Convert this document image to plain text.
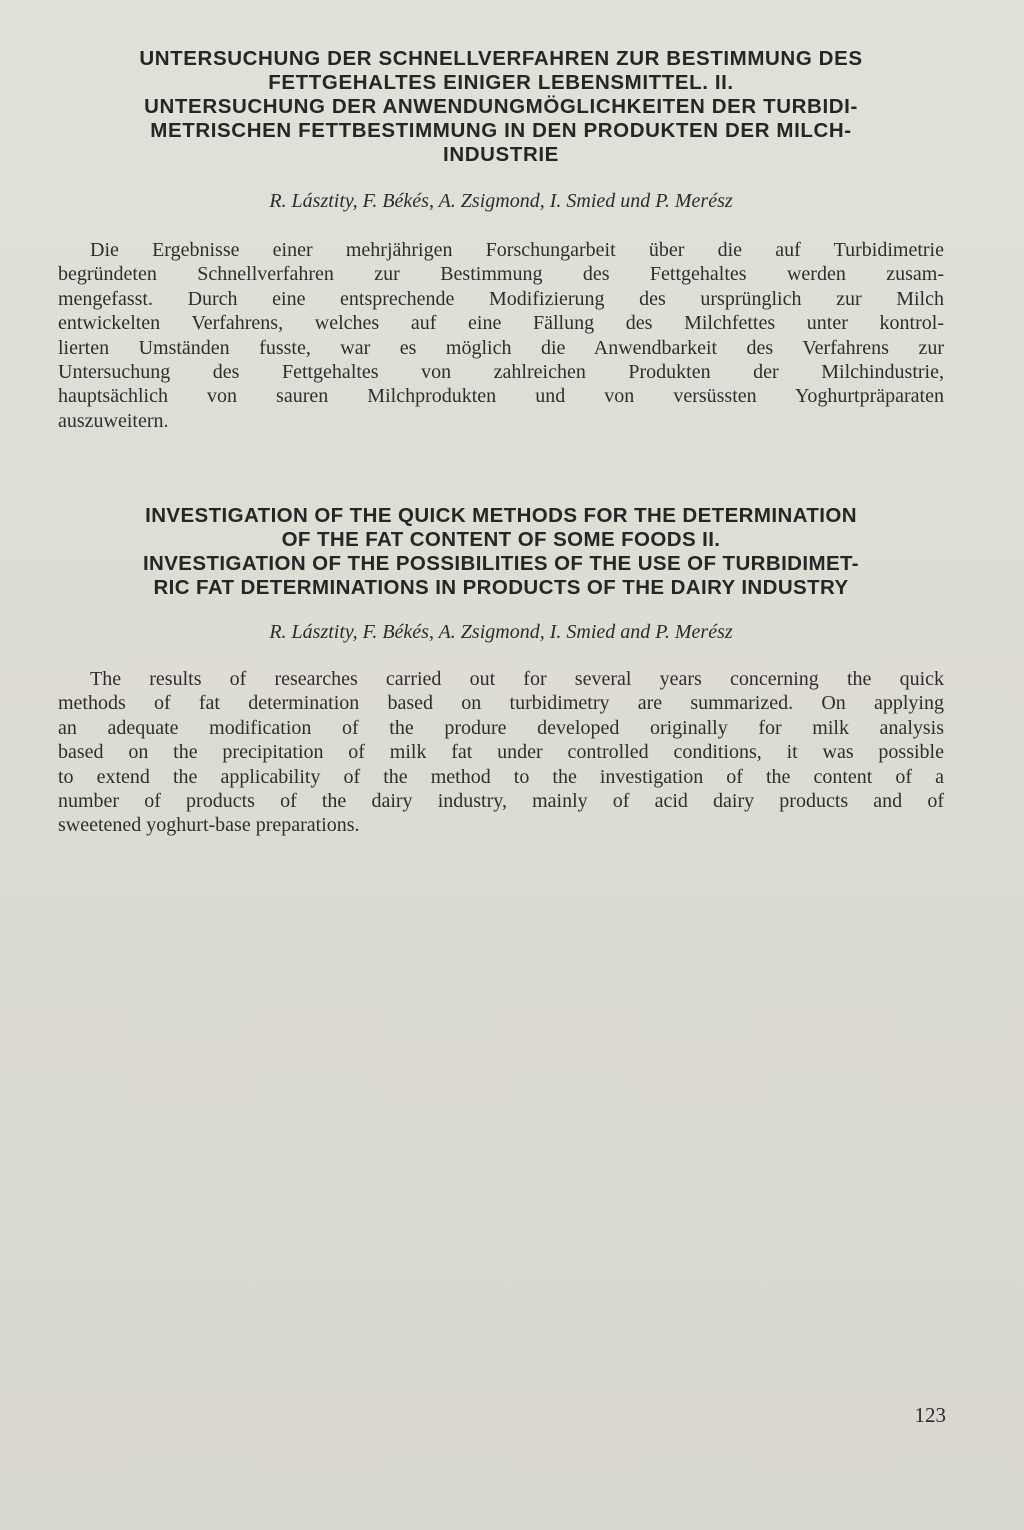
UNTERSUCHUNG DER SCHNELLVERFAHREN ZUR BESTIMMUNG DES
FETTGEHALTES EINIGER LEBENSMITTEL. II.
UNTERSUCHUNG DER ANWENDUNGMÖGLICHKEITEN DER TURBIDI-
METRISCHEN FETTBESTIMMUNG IN DEN PRODUKTEN DER MILCH-
INDUSTRIE

R. Lásztity, F. Békés, A. Zsigmond, I. Smied und P. Merész

Die Ergebnisse einer mehrjährigen Forschungarbeit über die auf Turbidimetrie
begründeten Schnellverfahren zur Bestimmung des Fettgehaltes werden zusam-
mengefasst. Durch eine entsprechende Modifizierung des ursprünglich zur Milch
entwickelten Verfahrens, welches auf eine Fällung des Milchfettes unter kontrol-
lierten Umständen fusste, war es möglich die Anwendbarkeit des Verfahrens zur
Untersuchung des Fettgehaltes von zahlreichen Produkten der Milchindustrie,
hauptsächlich von sauren Milchprodukten und von versüssten Yoghurtpräparaten
auszuweitern.
INVESTIGATION OF THE QUICK METHODS FOR THE DETERMINATION
OF THE FAT CONTENT OF SOME FOODS II.
INVESTIGATION OF THE POSSIBILITIES OF THE USE OF TURBIDIMET-
RIC FAT DETERMINATIONS IN PRODUCTS OF THE DAIRY INDUSTRY

R. Lásztity, F. Békés, A. Zsigmond, I. Smied and P. Merész

The results of researches carried out for several years concerning the quick
methods of fat determination based on turbidimetry are summarized. On applying
an adequate modification of the produre developed originally for milk analysis
based on the precipitation of milk fat under controlled conditions, it was possible
to extend the applicability of the method to the investigation of the content of a
number of products of the dairy industry, mainly of acid dairy products and of
sweetened yoghurt-base preparations.
123
